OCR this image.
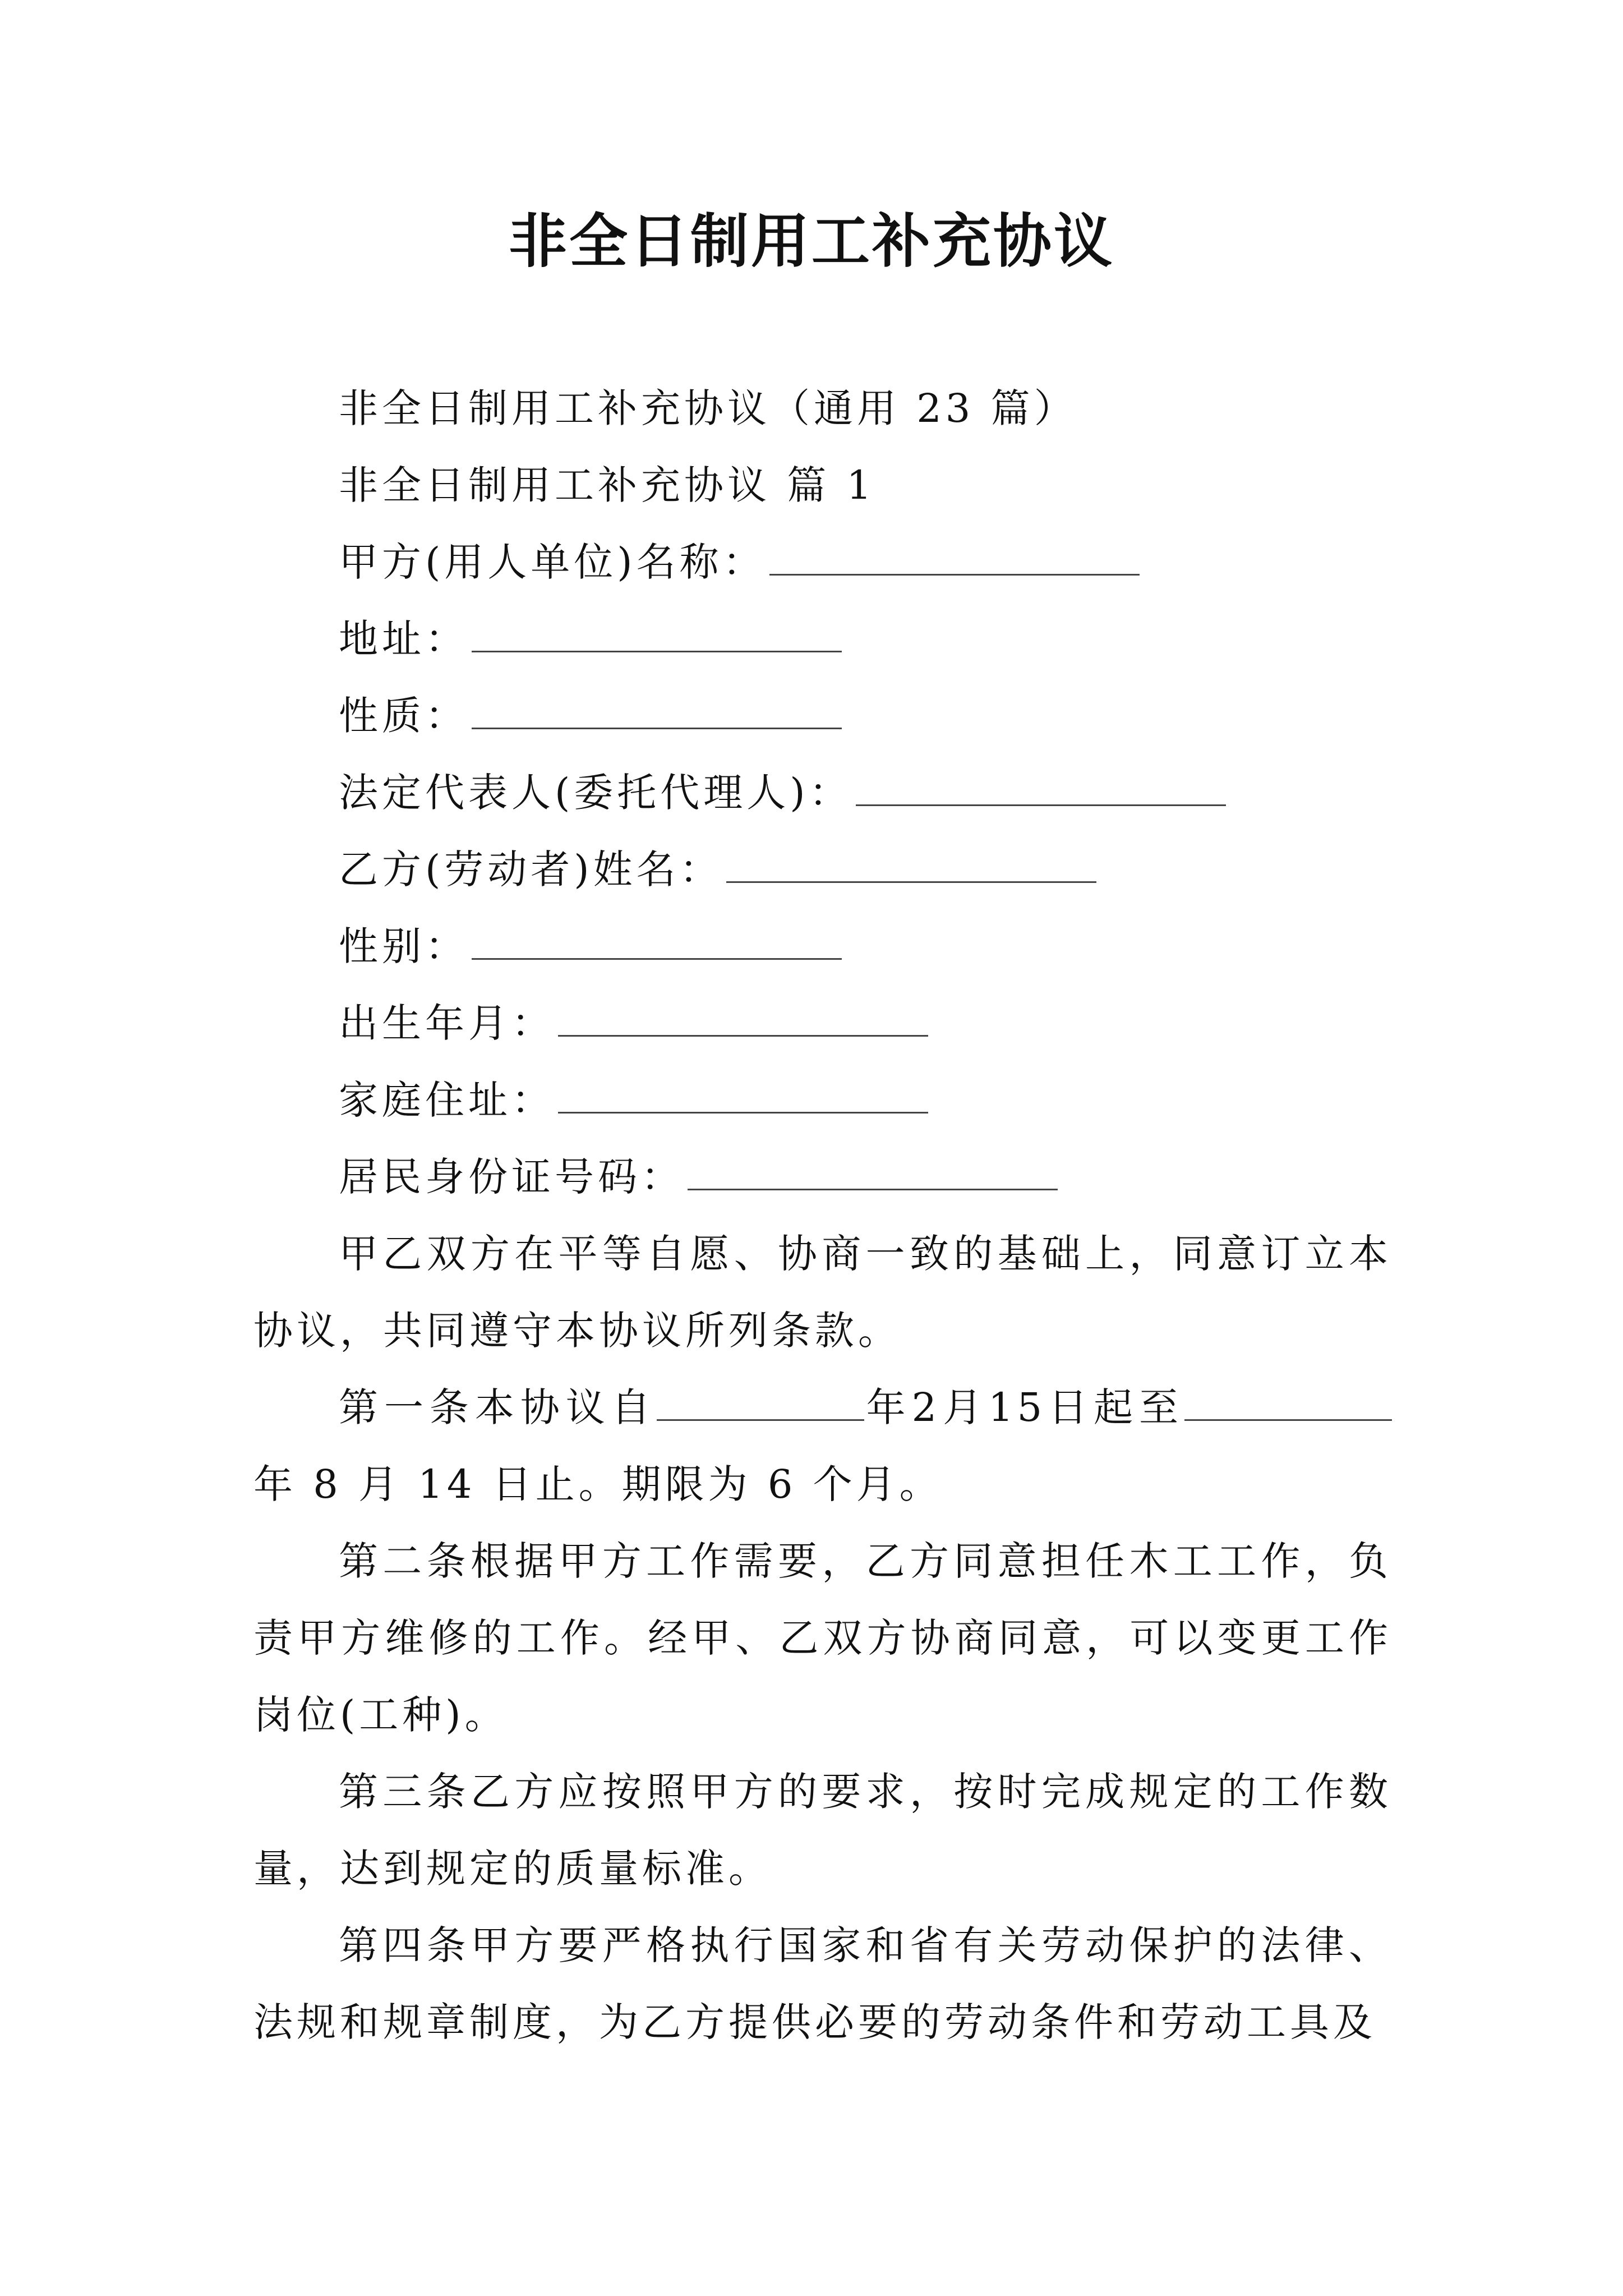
非全日制用工补充协议
非全日制用工补充协议（通用 23 篇）
非全日制用工补充协议 篇 1
甲方(用人单位)名称：
地址：
性质：
法定代表人(委托代理人)：
乙方(劳动者)姓名：
性别：
出生年月：
家庭住址：
居民身份证号码：

甲乙双方在平等自愿、协商一致的基础上，同意订立本协议，共同遵守本协议所列条款。

第一条本协议自	年2月15日起至年 8 月 14 日止。期限为 6 个月。

第二条根据甲方工作需要，乙方同意担任木工工作，负责甲方维修的工作。经甲、乙双方协商同意，可以变更工作岗位(工种)。

第三条乙方应按照甲方的要求，按时完成规定的工作数量，达到规定的质量标准。

第四条甲方要严格执行国家和省有关劳动保护的法律、法规和规章制度，为乙方提供必要的劳动条件和劳动工具及
